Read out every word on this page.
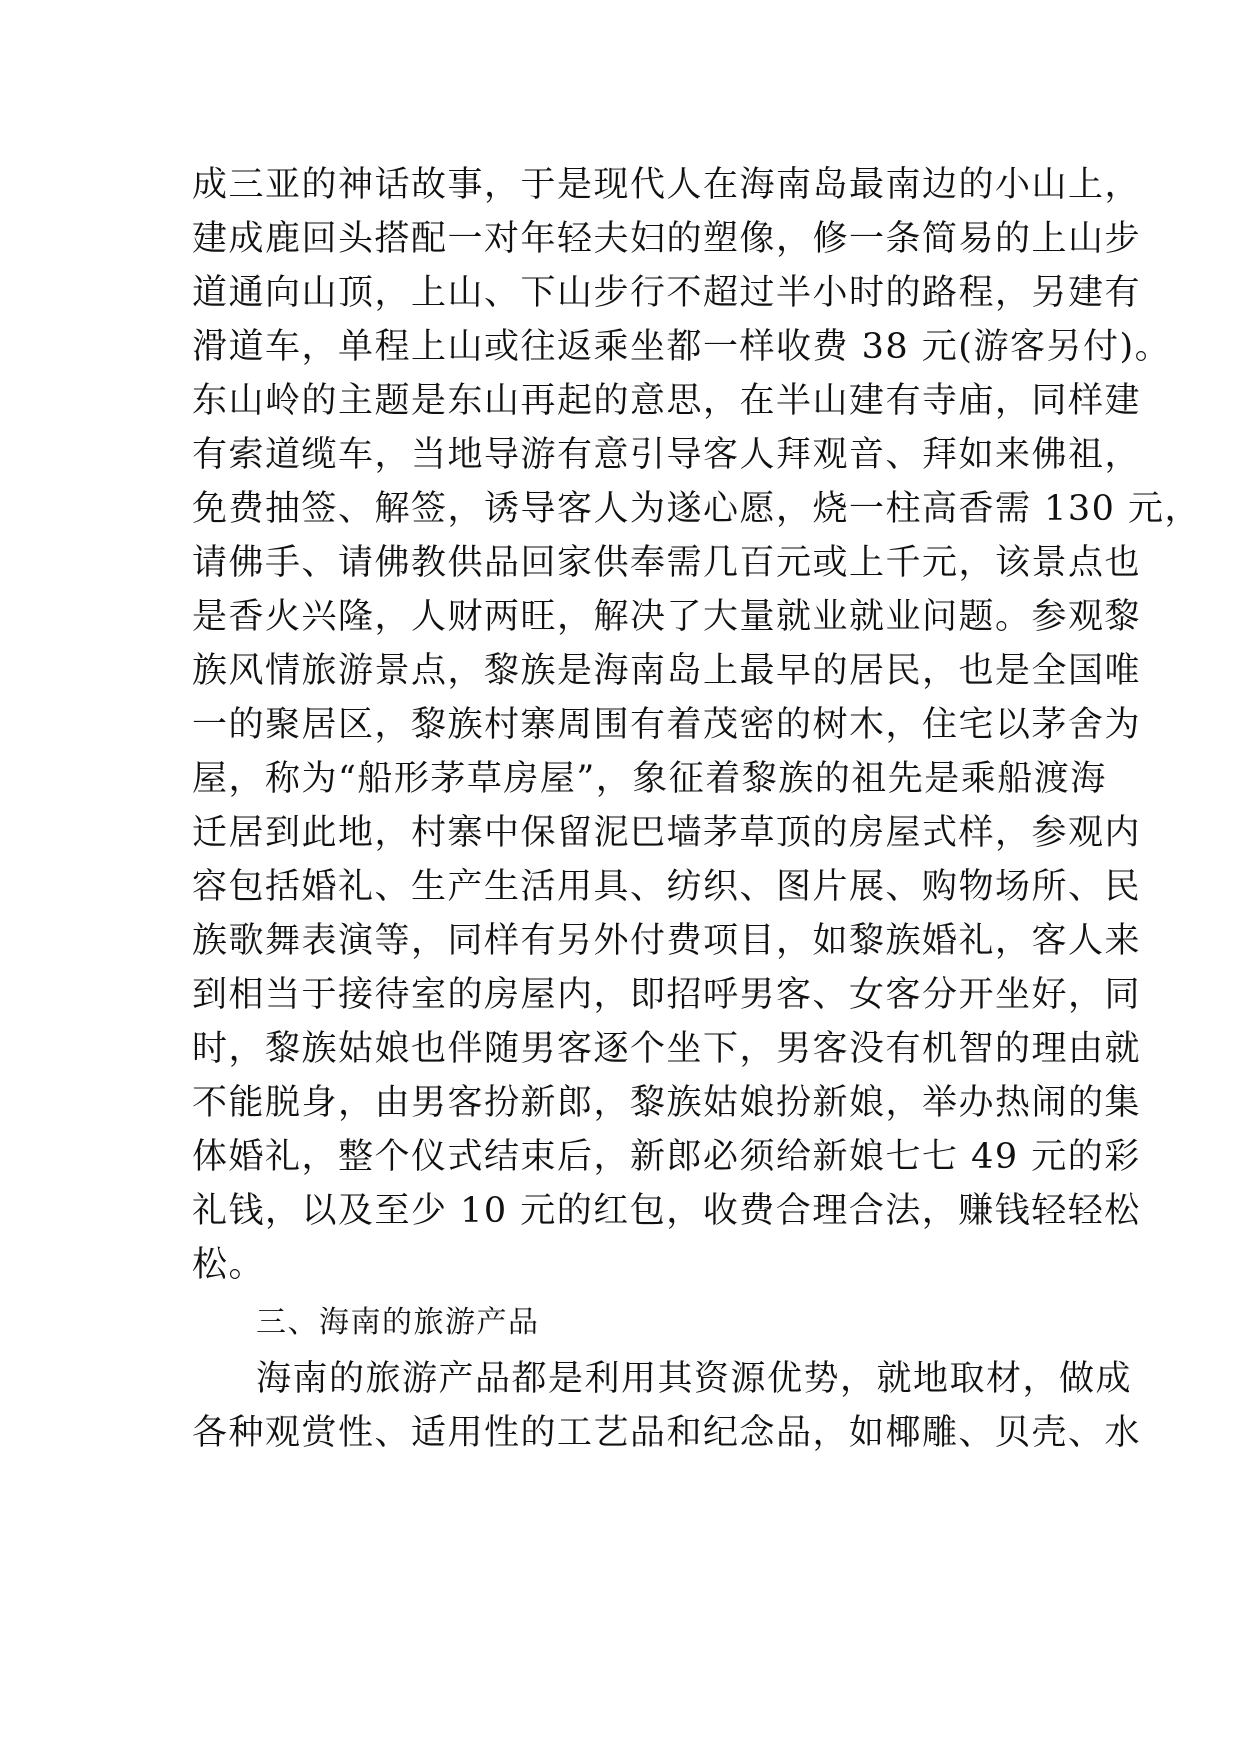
成三亚的神话故事，于是现代人在海南岛最南边的小山上，
建成鹿回头搭配一对年轻夫妇的塑像，修一条简易的上山步
道通向山顶，上山、下山步行不超过半小时的路程，另建有
滑道车，单程上山或往返乘坐都一样收费 38 元(游客另付)。
东山岭的主题是东山再起的意思，在半山建有寺庙，同样建
有索道缆车，当地导游有意引导客人拜观音、拜如来佛祖，
免费抽签、解签，诱导客人为遂心愿，烧一柱高香需 130 元，
请佛手、请佛教供品回家供奉需几百元或上千元，该景点也
是香火兴隆，人财两旺，解决了大量就业就业问题。参观黎
族风情旅游景点，黎族是海南岛上最早的居民，也是全国唯
一的聚居区，黎族村寨周围有着茂密的树木，住宅以茅舍为
屋，称为“船形茅草房屋”，象征着黎族的祖先是乘船渡海
迁居到此地，村寨中保留泥巴墙茅草顶的房屋式样，参观内
容包括婚礼、生产生活用具、纺织、图片展、购物场所、民
族歌舞表演等，同样有另外付费项目，如黎族婚礼，客人来
到相当于接待室的房屋内，即招呼男客、女客分开坐好，同
时，黎族姑娘也伴随男客逐个坐下，男客没有机智的理由就
不能脱身，由男客扮新郎，黎族姑娘扮新娘，举办热闹的集
体婚礼，整个仪式结束后，新郎必须给新娘七七 49 元的彩
礼钱，以及至少 10 元的红包，收费合理合法，赚钱轻轻松
松。
三、海南的旅游产品
海南的旅游产品都是利用其资源优势，就地取材，做成
各种观赏性、适用性的工艺品和纪念品，如椰雕、贝壳、水
